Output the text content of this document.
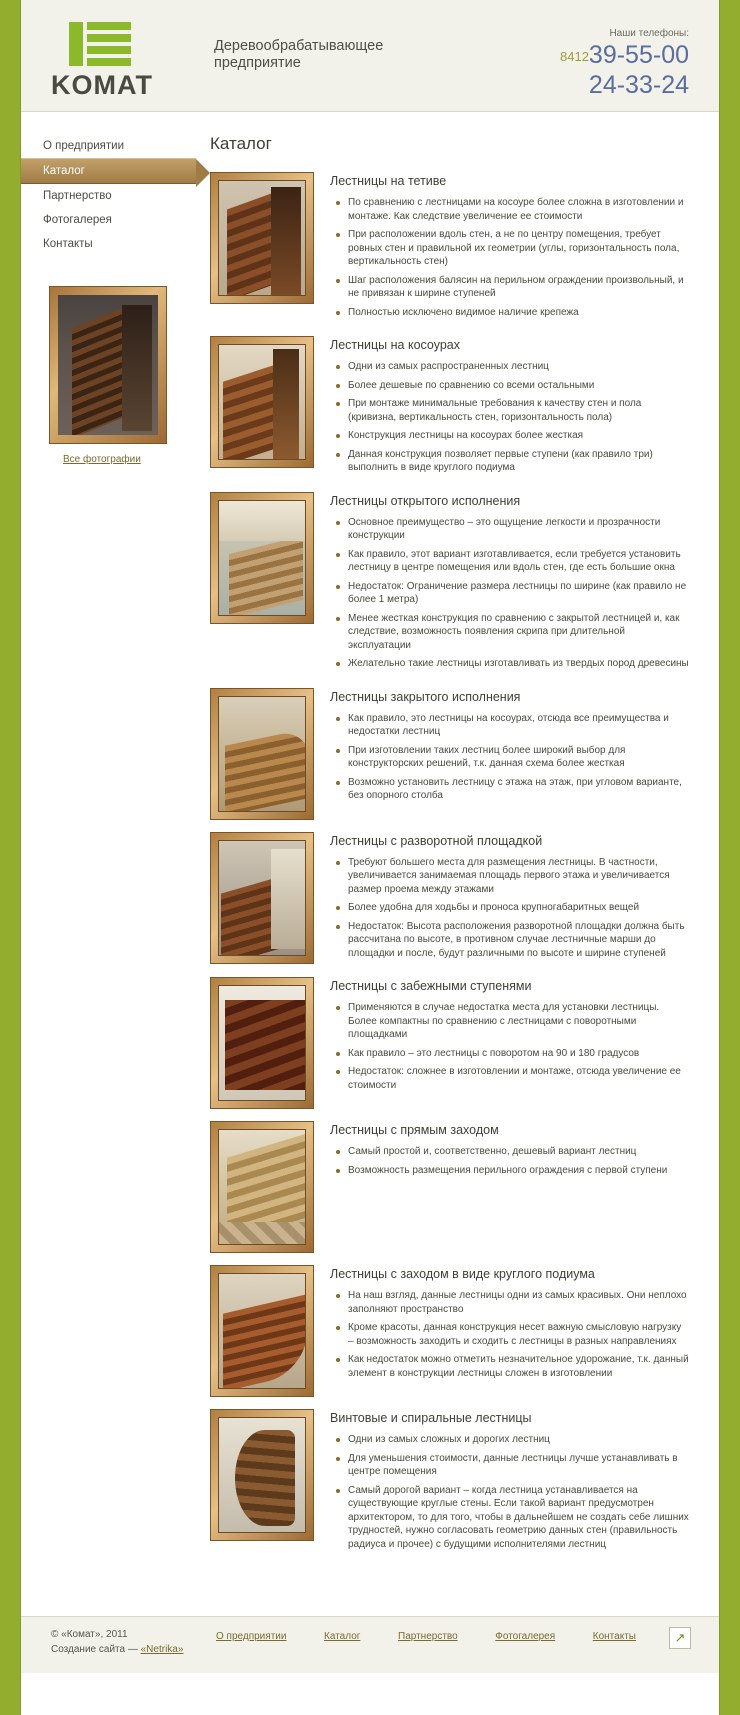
KOMAT
Деревообрабатывающее предприятие
Наши телефоны:
841239-55-00
24-33-24
О предприятии
Каталог
Партнерство
Фотогалерея
Контакты
Все фотографии
Каталог
Лестницы на тетиве
По сравнению с лестницами на косоуре более сложна в изготовлении и монтаже. Как следствие увеличение ее стоимости
При расположении вдоль стен, а не по центру помещения, требует ровных стен и правильной их геометрии (углы, горизонтальность пола, вертикальность стен)
Шаг расположения балясин на перильном ограждении произвольный, и не привязан к ширине ступеней
Полностью исключено видимое наличие крепежа
Лестницы на косоурах
Одни из самых распространенных лестниц
Более дешевые по сравнению со всеми остальными
При монтаже минимальные требования к качеству стен и пола (кривизна, вертикальность стен, горизонтальность пола)
Конструкция лестницы на косоурах более жесткая
Данная конструкция позволяет первые ступени (как правило три) выполнить в виде круглого подиума
Лестницы открытого исполнения
Основное преимущество – это ощущение легкости и прозрачности конструкции
Как правило, этот вариант изготавливается, если требуется установить лестницу в центре помещения или вдоль стен, где есть большие окна
Недостаток: Ограничение размера лестницы по ширине (как правило не более 1 метра)
Менее жесткая конструкция по сравнению с закрытой лестницей и, как следствие, возможность появления скрипа при длительной эксплуатации
Желательно такие лестницы изготавливать из твердых пород древесины
Лестницы закрытого исполнения
Как правило, это лестницы на косоурах, отсюда все преимущества и недостатки лестниц
При изготовлении таких лестниц более широкий выбор для конструкторских решений, т.к. данная схема более жесткая
Возможно установить лестницу с этажа на этаж, при угловом варианте, без опорного столба
Лестницы с разворотной площадкой
Требуют большего места для размещения лестницы. В частности, увеличивается занимаемая площадь первого этажа и увеличивается размер проема между этажами
Более удобна для ходьбы и проноса крупногабаритных вещей
Недостаток: Высота расположения разворотной площадки должна быть рассчитана по высоте, в противном случае лестничные марши до площадки и после, будут различными по высоте и ширине ступеней
Лестницы с забежными ступенями
Применяются в случае недостатка места для установки лестницы. Более компактны по сравнению с лестницами с поворотными площадками
Как правило – это лестницы с поворотом на 90 и 180 градусов
Недостаток: сложнее в изготовлении и монтаже, отсюда увеличение ее стоимости
Лестницы с прямым заходом
Самый простой и, соответственно, дешевый вариант лестниц
Возможность размещения перильного ограждения с первой ступени
Лестницы с заходом в виде круглого подиума
На наш взгляд, данные лестницы одни из самых красивых. Они неплохо заполняют пространство
Кроме красоты, данная конструкция несет важную смысловую нагрузку – возможность заходить и сходить с лестницы в разных направлениях
Как недостаток можно отметить незначительное удорожание, т.к. данный элемент в конструкции лестницы сложен в изготовлении
Винтовые и спиральные лестницы
Одни из самых сложных и дорогих лестниц
Для уменьшения стоимости, данные лестницы лучше устанавливать в центре помещения
Самый дорогой вариант – когда лестница устанавливается на существующие круглые стены. Если такой вариант предусмотрен архитектором, то для того, чтобы в дальнейшем не создать себе лишних трудностей, нужно согласовать геометрию данных стен (правильность радиуса и прочее) с будущими исполнителями лестниц
© «Комат», 2011
Создание сайта — «Netrika»
О предприятии	Каталог	Партнерство	Фотогалерея	Контакты	↗
